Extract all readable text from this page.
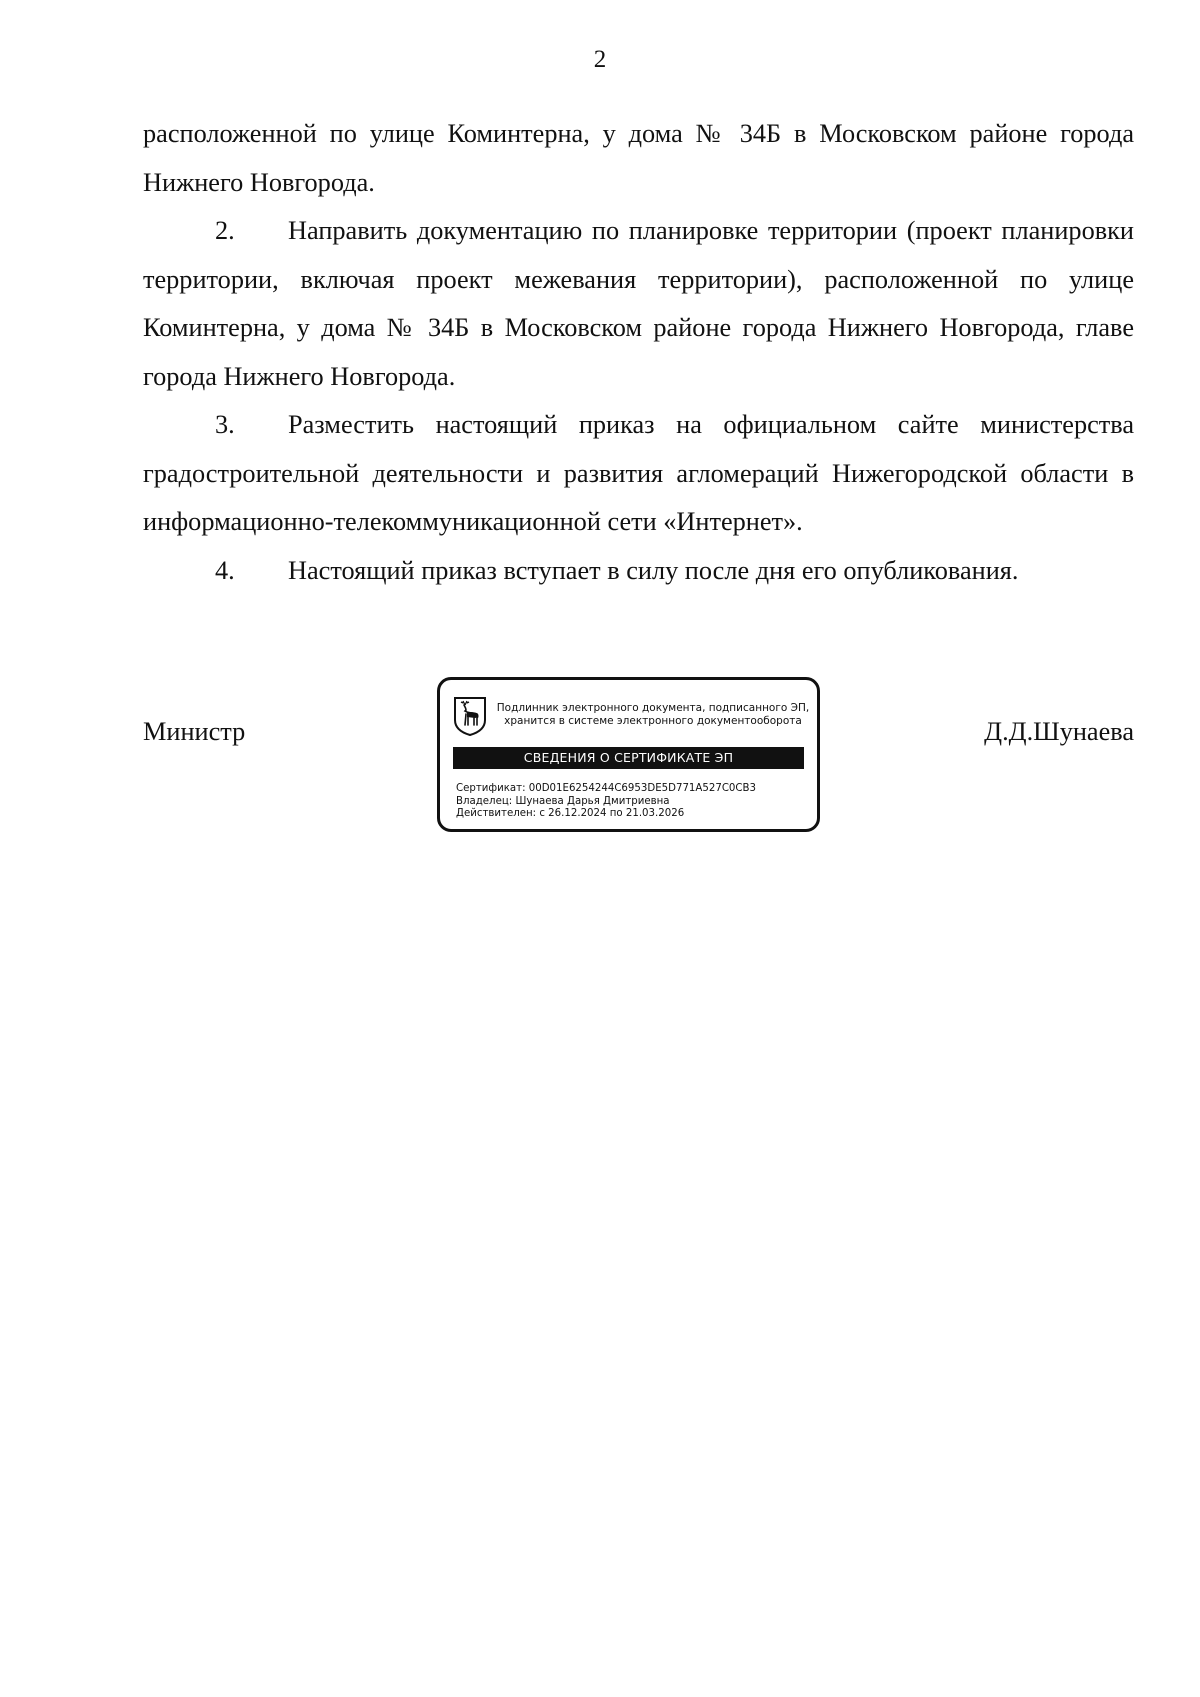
2

расположенной по улице Коминтерна, у дома № 34Б в Московском районе города Нижнего Новгорода.

2. Направить документацию по планировке территории (проект планировки территории, включая проект межевания территории), расположенной по улице Коминтерна, у дома № 34Б в Московском районе города Нижнего Новгорода, главе города Нижнего Новгорода.

3. Разместить настоящий приказ на официальном сайте министерства градостроительной деятельности и развития агломераций Нижегородской области в информационно-телекоммуникационной сети «Интернет».

4. Настоящий приказ вступает в силу после дня его опубликования.

Министр	Д.Д.Шунаева
Подлинник электронного документа, подписанного ЭП,
хранится в системе электронного документооборота
СВЕДЕНИЯ О СЕРТИФИКАТЕ ЭП
Сертификат: 00D01E6254244C6953DE5D771A527C0CB3
Владелец: Шунаева Дарья Дмитриевна
Действителен: с 26.12.2024 по 21.03.2026
